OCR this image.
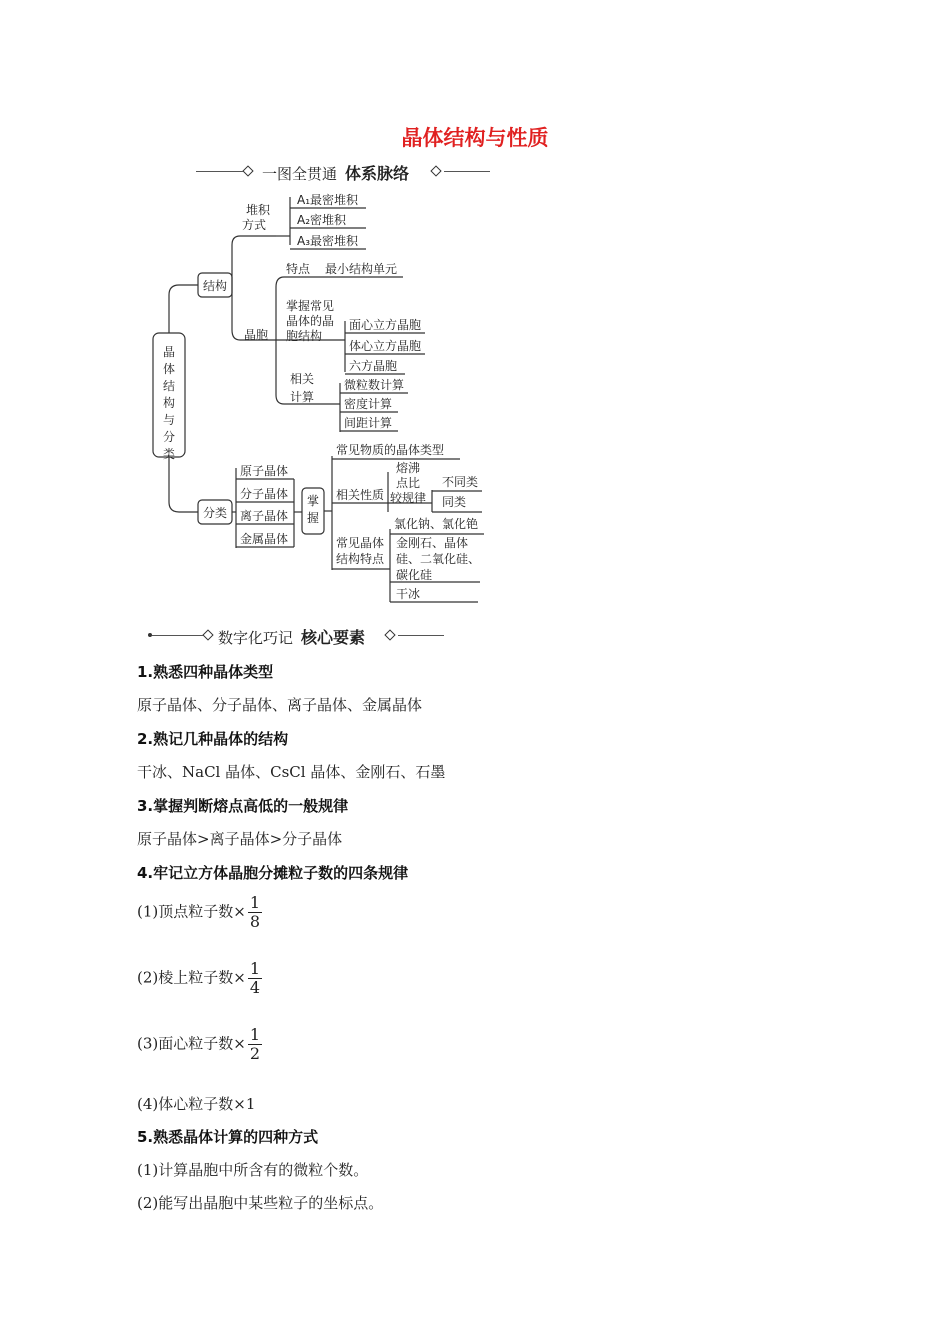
晶体结构与性质
一图全贯通 体系脉络
晶
体
结
构
与
分
类
结构
堆积
方式
A₁最密堆积
A₂密堆积
A₃最密堆积
特点 最小结构单元
晶胞
掌握常见
晶体的晶
胞结构
面心立方晶胞
体心立方晶胞
六方晶胞
相关
计算
微粒数计算
密度计算
间距计算
分类
原子晶体
分子晶体
离子晶体
金属晶体
掌
握
常见物质的晶体类型
相关性质
熔沸
点比
较规律
不同类
同类
常见晶体
结构特点
氯化钠、氯化铯
金刚石、晶体
硅、二氧化硅、
碳化硅
干冰
数字化巧记 核心要素
1.熟悉四种晶体类型
原子晶体、分子晶体、离子晶体、金属晶体
2.熟记几种晶体的结构
干冰、NaCl 晶体、CsCl 晶体、金刚石、石墨
3.掌握判断熔点高低的一般规律
原子晶体>离子晶体>分子晶体
4.牢记立方体晶胞分摊粒子数的四条规律
(1)顶点粒子数× $\frac{1}{8}$
(2)棱上粒子数× $\frac{1}{4}$
(3)面心粒子数× $\frac{1}{2}$
(4)体心粒子数×1
5.熟悉晶体计算的四种方式
(1)计算晶胞中所含有的微粒个数。
(2)能写出晶胞中某些粒子的坐标点。
